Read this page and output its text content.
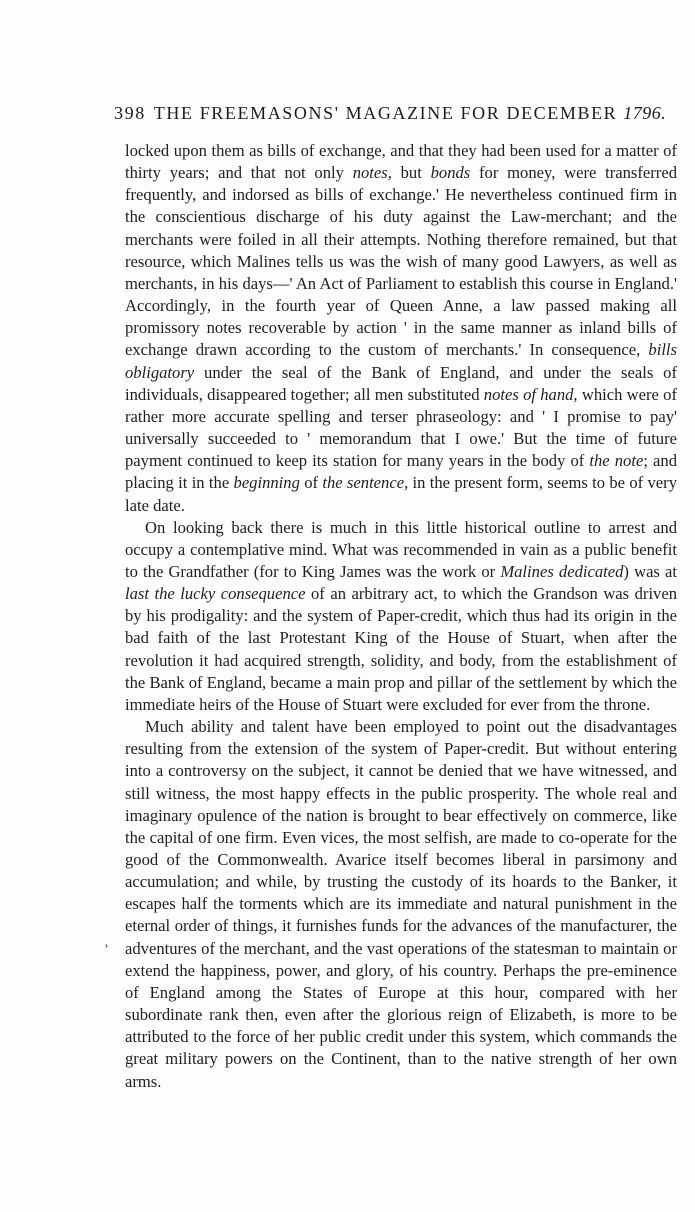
398 THE FREEMASONS' MAGAZINE FOR DECEMBER 1796.

locked upon them as bills of exchange, and that they had been used for a matter of thirty years; and that not only notes, but bonds for money, were transferred frequently, and indorsed as bills of exchange.' He nevertheless continued firm in the conscientious discharge of his duty against the Law-merchant; and the merchants were foiled in all their attempts. Nothing therefore remained, but that resource, which Malines tells us was the wish of many good Lawyers, as well as merchants, in his days—' An Act of Parliament to establish this course in England.' Accordingly, in the fourth year of Queen Anne, a law passed making all promissory notes recoverable by action ' in the same manner as inland bills of exchange drawn according to the custom of merchants.' In consequence, bills obligatory under the seal of the Bank of England, and under the seals of individuals, disappeared together; all men substituted notes of hand, which were of rather more accurate spelling and terser phraseology: and ' I promise to pay' universally succeeded to ' memorandum that I owe.' But the time of future payment continued to keep its station for many years in the body of the note; and placing it in the beginning of the sentence, in the present form, seems to be of very late date.

On looking back there is much in this little historical outline to arrest and occupy a contemplative mind. What was recommended in vain as a public benefit to the Grandfather (for to King James was the work or Malines dedicated) was at last the lucky consequence of an arbitrary act, to which the Grandson was driven by his prodigality: and the system of Paper-credit, which thus had its origin in the bad faith of the last Protestant King of the House of Stuart, when after the revolution it had acquired strength, solidity, and body, from the establishment of the Bank of England, became a main prop and pillar of the settlement by which the immediate heirs of the House of Stuart were excluded for ever from the throne.

Much ability and talent have been employed to point out the disadvantages resulting from the extension of the system of Paper-credit. But without entering into a controversy on the subject, it cannot be denied that we have witnessed, and still witness, the most happy effects in the public prosperity. The whole real and imaginary opulence of the nation is brought to bear effectively on commerce, like the capital of one firm. Even vices, the most selfish, are made to co-operate for the good of the Commonwealth. Avarice itself becomes liberal in parsimony and accumulation; and while, by trusting the custody of its hoards to the Banker, it escapes half the torments which are its immediate and natural punishment in the eternal order of things, it furnishes funds for the advances of the manufacturer, the adventures of the merchant, and the vast operations of the statesman to maintain or extend the happiness, power, and glory, of his country. Perhaps the pre-eminence of England among the States of Europe at this hour, compared with her subordinate rank then, even after the glorious reign of Elizabeth, is more to be attributed to the force of her public credit under this system, which commands the great military powers on the Continent, than to the native strength of her own arms.

‚
